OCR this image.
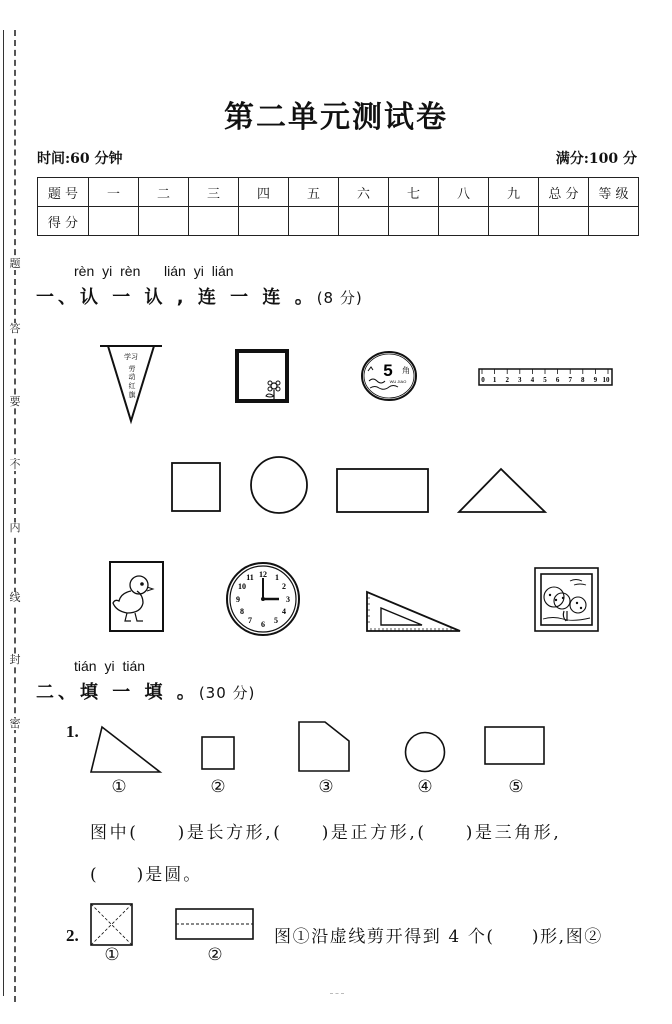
题
答
要
不
内
线
封
密
第二单元测试卷
时间:60 分钟	满分:100 分
题 号	一	二	三	四	五	六	七	八	九	总 分	等 级
得 分											
rèn yi rèn lián yi lián
一、认 一 认 , 连 一 连 。(8 分)
学习
劳
动
红
旗
5 角
WU JIAO	0 1 2 3 4 5 6 7 8 9 10
12 1
2
3
4
5
6
7
8
9
10
11
tián yi tián
二、填 一 填 。(30 分)
1.
①	②	③	④	⑤
图中(　　)是长方形,(　　)是正方形,(　　)是三角形,
(　　)是圆。
2.
①	②
图①沿虚线剪开得到 4 个(　　)形,图②
